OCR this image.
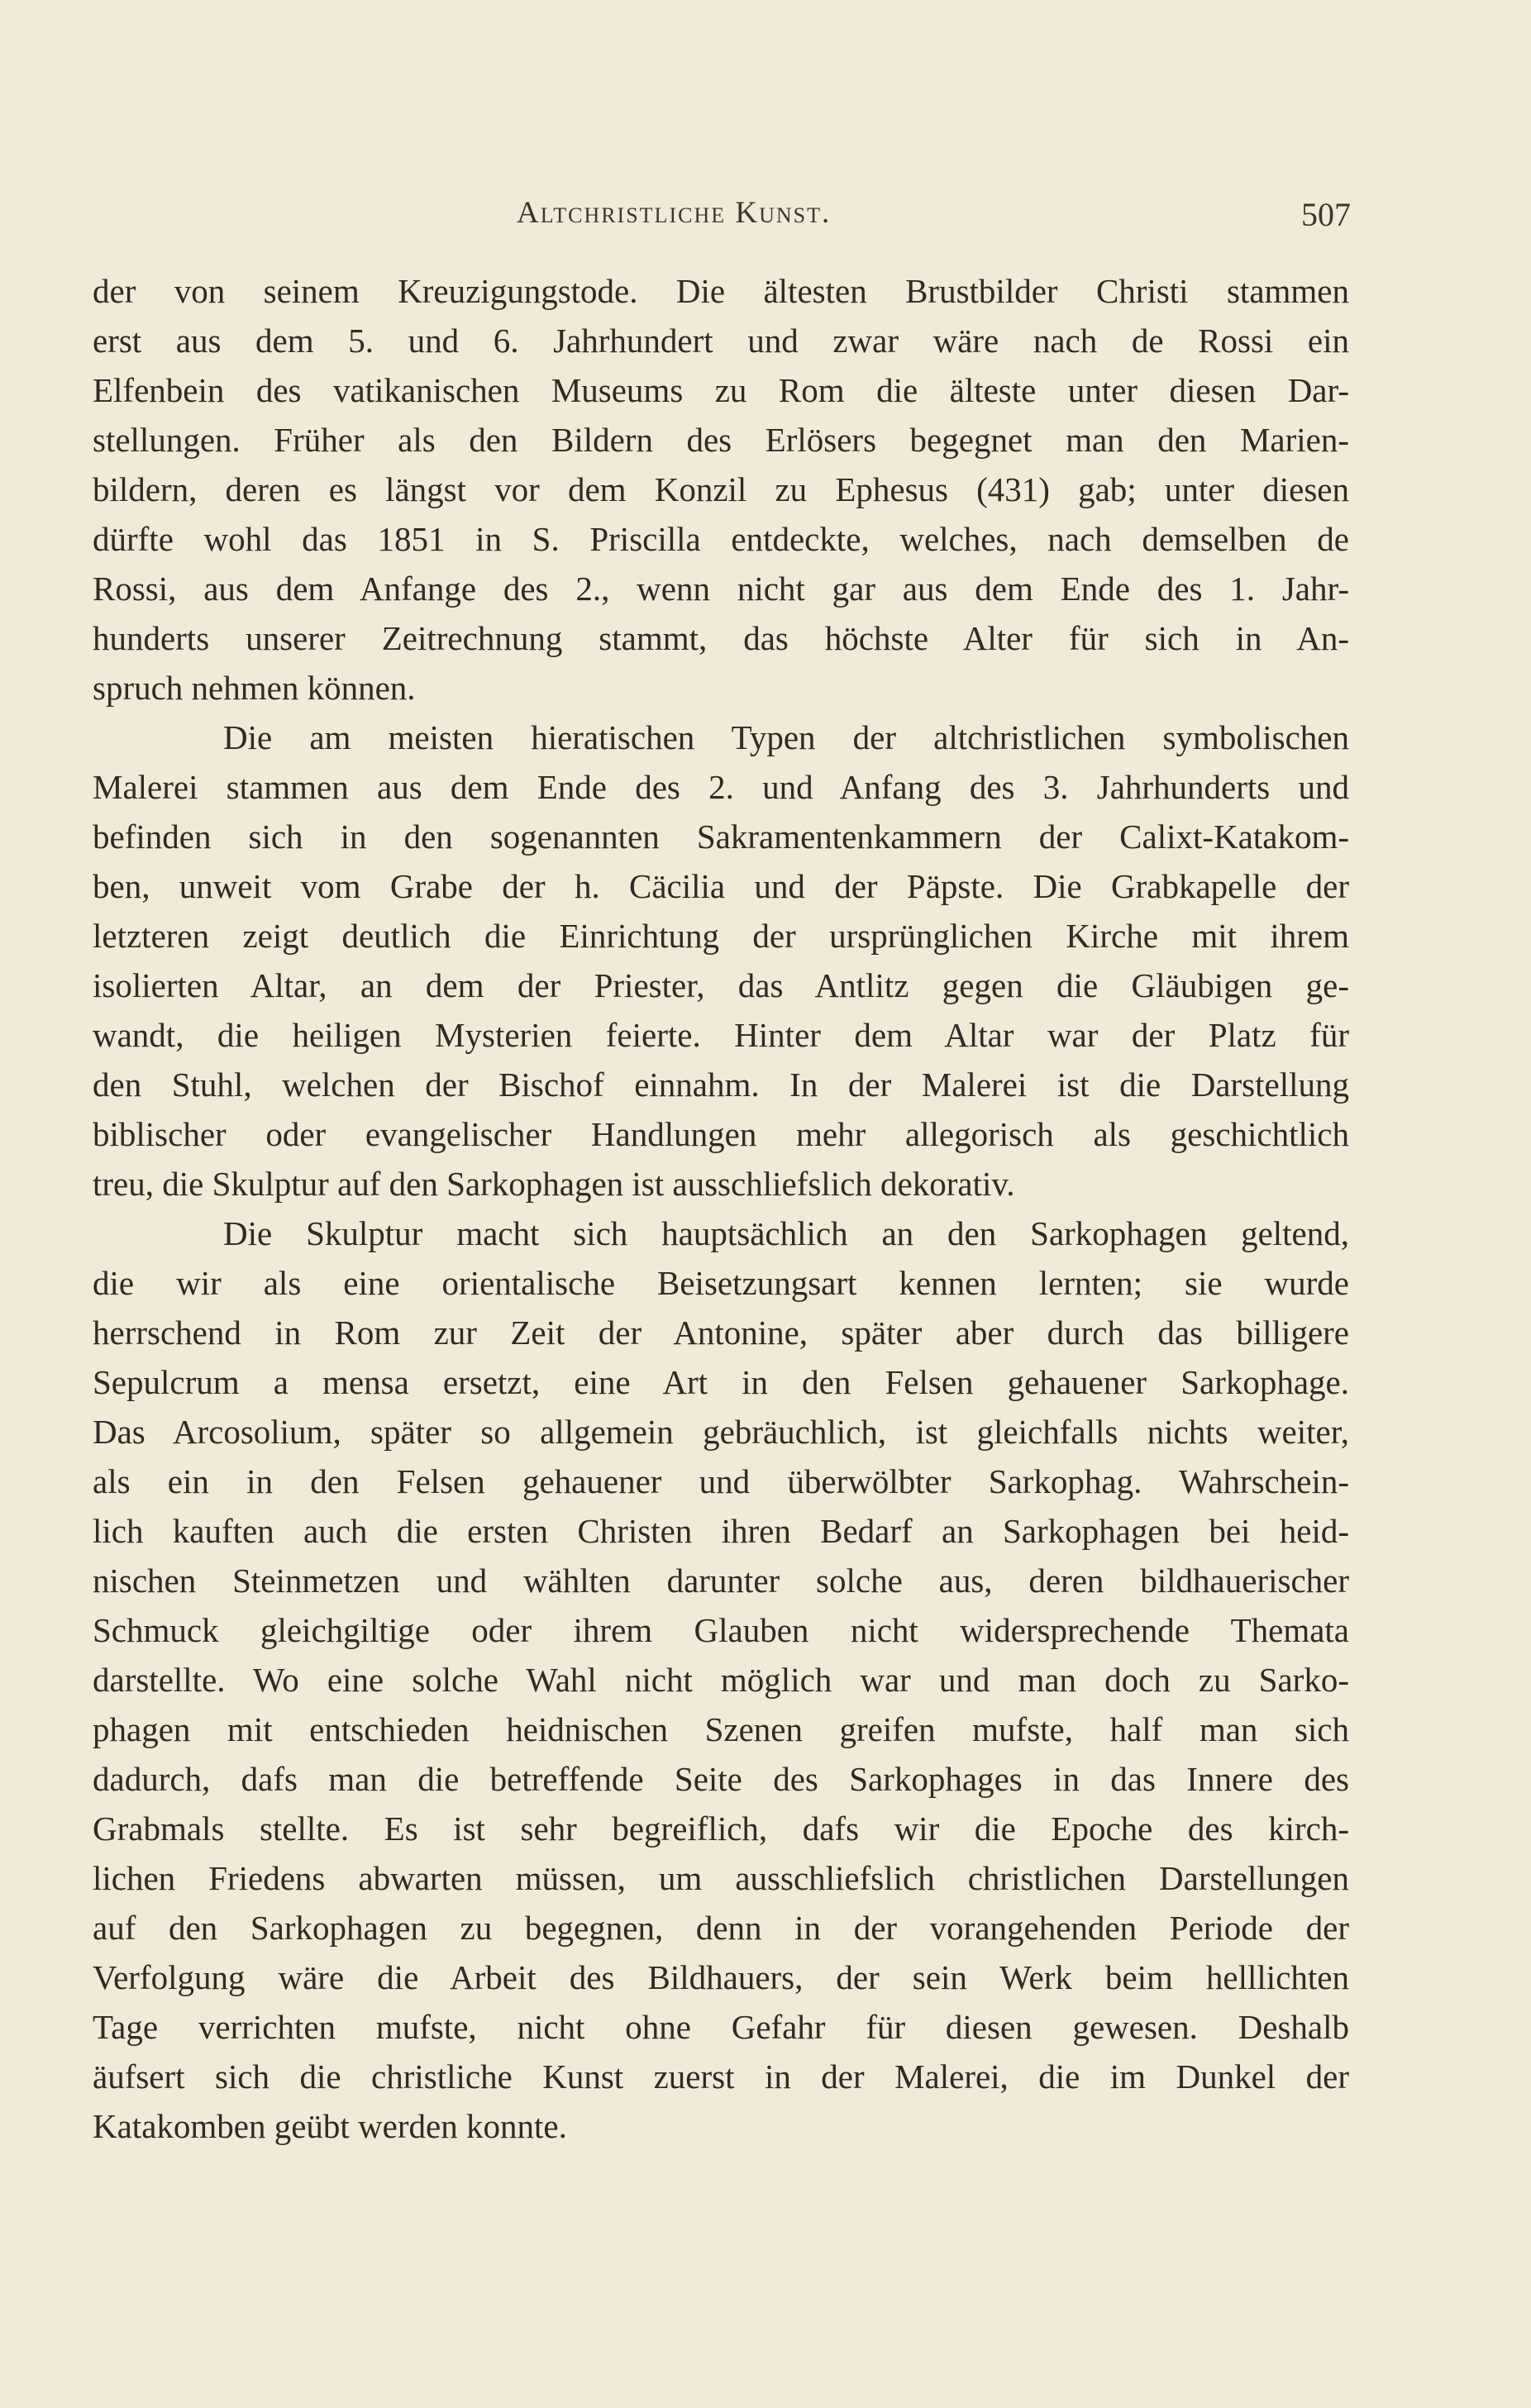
Altchristliche Kunst.	507
der von seinem Kreuzigungstode. Die ältesten Brustbilder Christi stammen
erst aus dem 5. und 6. Jahrhundert und zwar wäre nach de Rossi ein
Elfenbein des vatikanischen Museums zu Rom die älteste unter diesen Dar-
stellungen. Früher als den Bildern des Erlösers begegnet man den Marien-
bildern, deren es längst vor dem Konzil zu Ephesus (431) gab; unter diesen
dürfte wohl das 1851 in S. Priscilla entdeckte, welches, nach demselben de
Rossi, aus dem Anfange des 2., wenn nicht gar aus dem Ende des 1. Jahr-
hunderts unserer Zeitrechnung stammt, das höchste Alter für sich in An-
spruch nehmen können.
Die am meisten hieratischen Typen der altchristlichen symbolischen
Malerei stammen aus dem Ende des 2. und Anfang des 3. Jahrhunderts und
befinden sich in den sogenannten Sakramentenkammern der Calixt-Katakom-
ben, unweit vom Grabe der h. Cäcilia und der Päpste. Die Grabkapelle der
letzteren zeigt deutlich die Einrichtung der ursprünglichen Kirche mit ihrem
isolierten Altar, an dem der Priester, das Antlitz gegen die Gläubigen ge-
wandt, die heiligen Mysterien feierte. Hinter dem Altar war der Platz für
den Stuhl, welchen der Bischof einnahm. In der Malerei ist die Darstellung
biblischer oder evangelischer Handlungen mehr allegorisch als geschichtlich
treu, die Skulptur auf den Sarkophagen ist ausschliefslich dekorativ.
Die Skulptur macht sich hauptsächlich an den Sarkophagen geltend,
die wir als eine orientalische Beisetzungsart kennen lernten; sie wurde
herrschend in Rom zur Zeit der Antonine, später aber durch das billigere
Sepulcrum a mensa ersetzt, eine Art in den Felsen gehauener Sarkophage.
Das Arcosolium, später so allgemein gebräuchlich, ist gleichfalls nichts weiter,
als ein in den Felsen gehauener und überwölbter Sarkophag. Wahrschein-
lich kauften auch die ersten Christen ihren Bedarf an Sarkophagen bei heid-
nischen Steinmetzen und wählten darunter solche aus, deren bildhauerischer
Schmuck gleichgiltige oder ihrem Glauben nicht widersprechende Themata
darstellte. Wo eine solche Wahl nicht möglich war und man doch zu Sarko-
phagen mit entschieden heidnischen Szenen greifen mufste, half man sich
dadurch, dafs man die betreffende Seite des Sarkophages in das Innere des
Grabmals stellte. Es ist sehr begreiflich, dafs wir die Epoche des kirch-
lichen Friedens abwarten müssen, um ausschliefslich christlichen Darstellungen
auf den Sarkophagen zu begegnen, denn in der vorangehenden Periode der
Verfolgung wäre die Arbeit des Bildhauers, der sein Werk beim helllichten
Tage verrichten mufste, nicht ohne Gefahr für diesen gewesen. Deshalb
äufsert sich die christliche Kunst zuerst in der Malerei, die im Dunkel der
Katakomben geübt werden konnte.
